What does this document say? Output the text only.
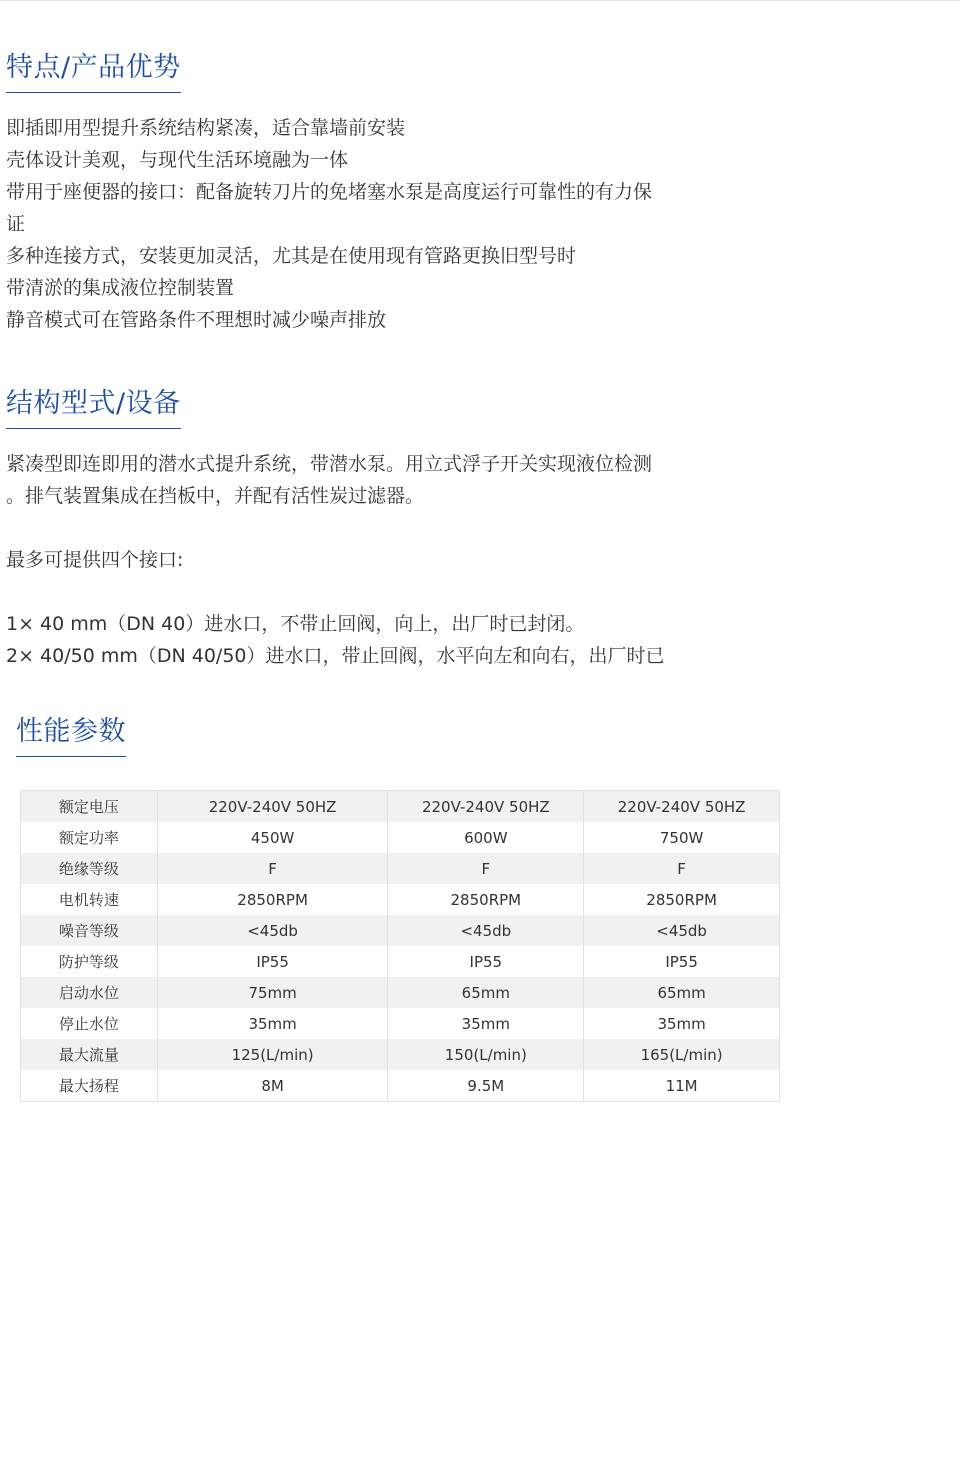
特点/产品优势
即插即用型提升系统结构紧凑，适合靠墙前安装
壳体设计美观，与现代生活环境融为一体
带用于座便器的接口：配备旋转刀片的免堵塞水泵是高度运行可靠性的有力保
证
多种连接方式，安装更加灵活，尤其是在使用现有管路更换旧型号时
带清淤的集成液位控制装置
静音模式可在管路条件不理想时减少噪声排放
结构型式/设备
紧凑型即连即用的潜水式提升系统，带潜水泵。用立式浮子开关实现液位检测
。排气装置集成在挡板中，并配有活性炭过滤器。

最多可提供四个接口:

1× 40 mm（DN 40）进水口，不带止回阀，向上，出厂时已封闭。
2× 40/50 mm（DN 40/50）进水口，带止回阀，水平向左和向右，出厂时已
性能参数
额定电压	220V-240V 50HZ	220V-240V 50HZ	220V-240V 50HZ
额定功率	450W	600W	750W
绝缘等级	F	F	F
电机转速	2850RPM	2850RPM	2850RPM
噪音等级	<45db	<45db	<45db
防护等级	IP55	IP55	IP55
启动水位	75mm	65mm	65mm
停止水位	35mm	35mm	35mm
最大流量	125(L/min)	150(L/min)	165(L/min)
最大扬程	8M	9.5M	11M
